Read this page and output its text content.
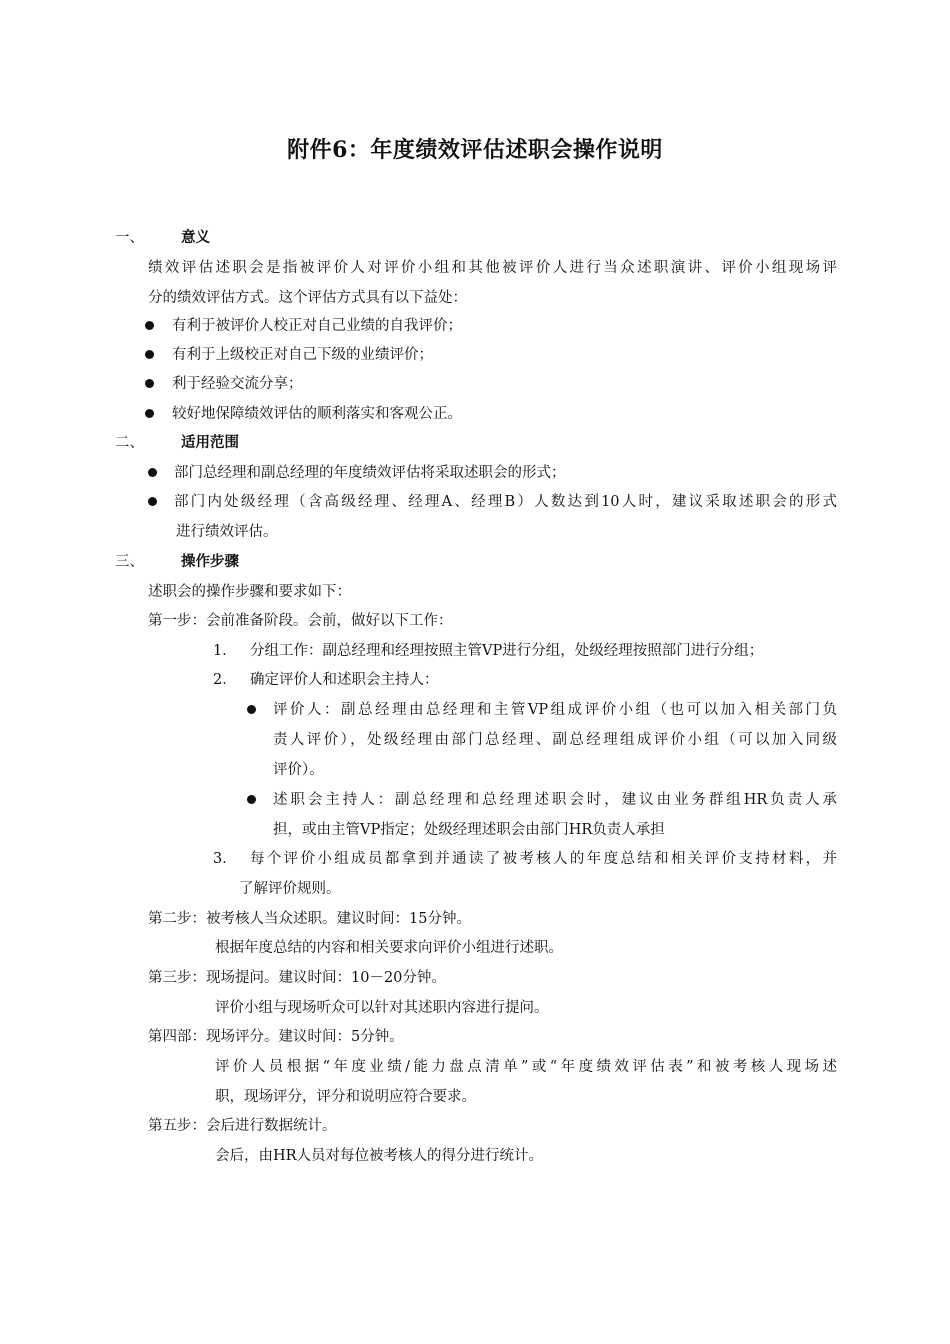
附件6：年度绩效评估述职会操作说明
一、	意义
绩效评估述职会是指被评价人对评价小组和其他被评价人进行当众述职演讲、评价小组现场评
分的绩效评估方式。这个评估方式具有以下益处：
有利于被评价人校正对自己业绩的自我评价；
有利于上级校正对自己下级的业绩评价；
利于经验交流分享；
较好地保障绩效评估的顺利落实和客观公正。
二、	适用范围
部门总经理和副总经理的年度绩效评估将采取述职会的形式；
部门内处级经理（含高级经理、经理A、经理B）人数达到10人时，建议采取述职会的形式
进行绩效评估。
三、	操作步骤
述职会的操作步骤和要求如下：
第一步：会前准备阶段。会前，做好以下工作：
1． 分组工作：副总经理和经理按照主管VP进行分组，处级经理按照部门进行分组；
2． 确定评价人和述职会主持人：
评价人：副总经理由总经理和主管VP组成评价小组（也可以加入相关部门负
责人评价），处级经理由部门总经理、副总经理组成评价小组（可以加入同级
评价）。
述职会主持人：副总经理和总经理述职会时，建议由业务群组HR负责人承
担，或由主管VP指定；处级经理述职会由部门HR负责人承担
3． 每个评价小组成员都拿到并通读了被考核人的年度总结和相关评价支持材料，并
了解评价规则。
第二步：被考核人当众述职。建议时间：15分钟。
根据年度总结的内容和相关要求向评价小组进行述职。
第三步：现场提问。建议时间：10－20分钟。
评价小组与现场听众可以针对其述职内容进行提问。
第四部：现场评分。建议时间：5分钟。
评价人员根据“年度业绩/能力盘点清单”或“年度绩效评估表”和被考核人现场述
职，现场评分，评分和说明应符合要求。
第五步：会后进行数据统计。
会后，由HR人员对每位被考核人的得分进行统计。
